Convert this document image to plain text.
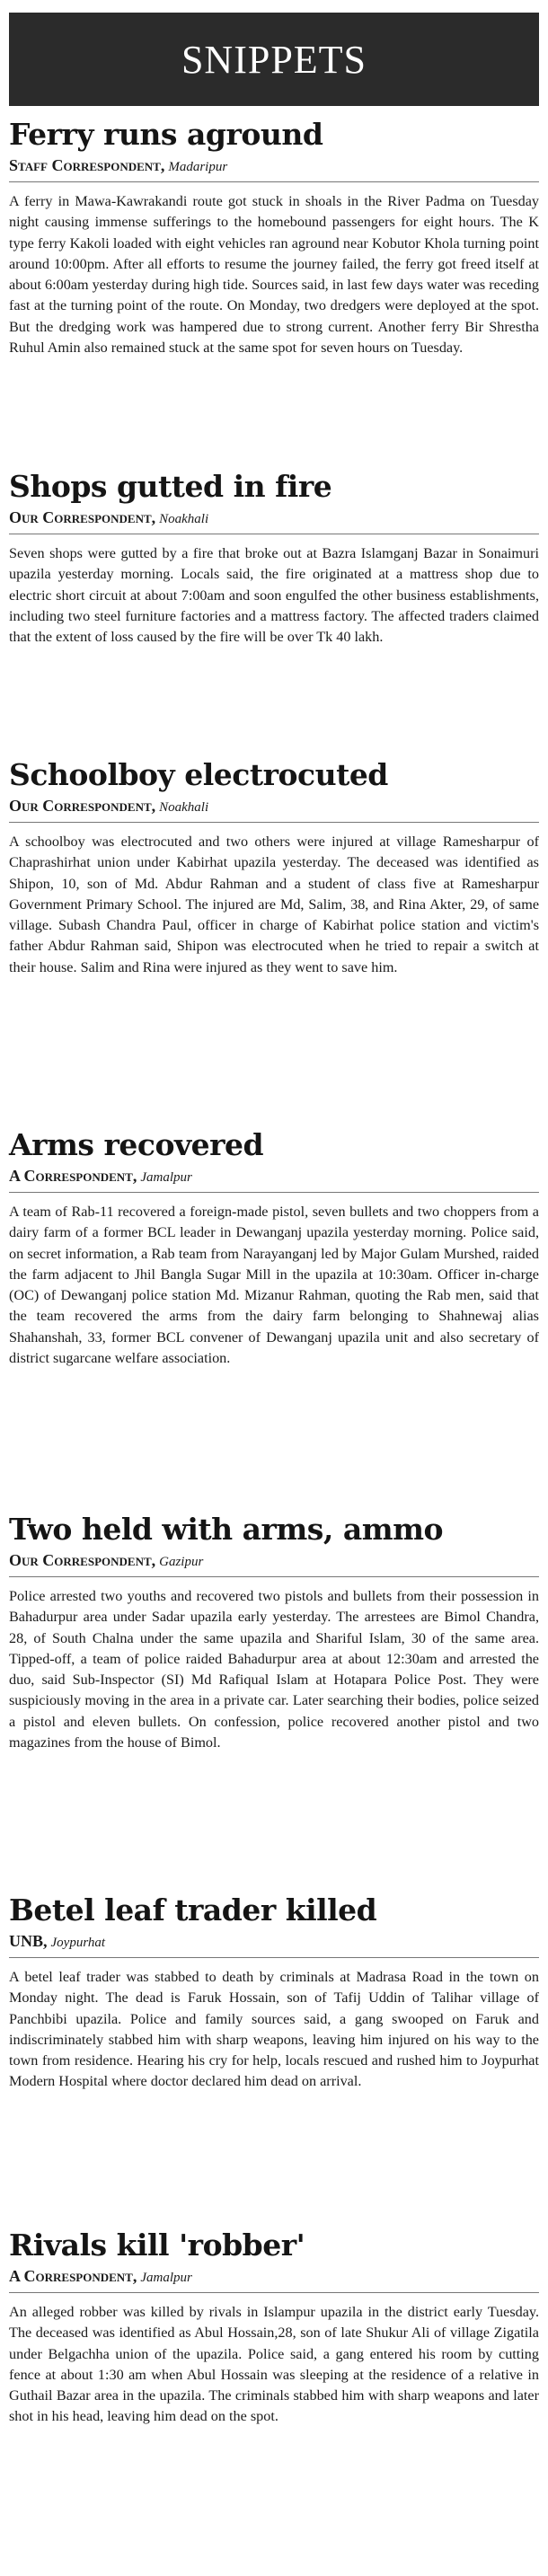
SNIPPETS
Ferry runs aground
Staff Correspondent, Madaripur

A ferry in Mawa-Kawrakandi route got stuck in shoals in the River Padma on Tuesday night causing immense sufferings to the homebound passengers for eight hours. The K type ferry Kakoli loaded with eight vehicles ran aground near Kobutor Khola turning point around 10:00pm. After all efforts to resume the journey failed, the ferry got freed itself at about 6:00am yesterday during high tide. Sources said, in last few days water was receding fast at the turning point of the route. On Monday, two dredgers were deployed at the spot. But the dredging work was hampered due to strong current. Another ferry Bir Shrestha Ruhul Amin also remained stuck at the same spot for seven hours on Tuesday.

Shops gutted in fire
Our Correspondent, Noakhali

Seven shops were gutted by a fire that broke out at Bazra Islamganj Bazar in Sonaimuri upazila yesterday morning. Locals said, the fire originated at a mattress shop due to electric short circuit at about 7:00am and soon engulfed the other business establishments, including two steel furniture factories and a mattress factory. The affected traders claimed that the extent of loss caused by the fire will be over Tk 40 lakh.

Schoolboy electrocuted
Our Correspondent, Noakhali

A schoolboy was electrocuted and two others were injured at village Ramesharpur of Chaprashirhat union under Kabirhat upazila yesterday. The deceased was identified as Shipon, 10, son of Md. Abdur Rahman and a student of class five at Ramesharpur Government Primary School. The injured are Md, Salim, 38, and Rina Akter, 29, of same village. Subash Chandra Paul, officer in charge of Kabirhat police station and victim's father Abdur Rahman said, Shipon was electrocuted when he tried to repair a switch at their house. Salim and Rina were injured as they went to save him.

Arms recovered
A Correspondent, Jamalpur

A team of Rab-11 recovered a foreign-made pistol, seven bullets and two choppers from a dairy farm of a former BCL leader in Dewanganj upazila yesterday morning. Police said, on secret information, a Rab team from Narayanganj led by Major Gulam Murshed, raided the farm adjacent to Jhil Bangla Sugar Mill in the upazila at 10:30am. Officer in-charge (OC) of Dewanganj police station Md. Mizanur Rahman, quoting the Rab men, said that the team recovered the arms from the dairy farm belonging to Shahnewaj alias Shahanshah, 33, former BCL convener of Dewanganj upazila unit and also secretary of district sugarcane welfare association.

Two held with arms, ammo
Our Correspondent, Gazipur

Police arrested two youths and recovered two pistols and bullets from their possession in Bahadurpur area under Sadar upazila early yesterday. The arrestees are Bimol Chandra, 28, of South Chalna under the same upazila and Shariful Islam, 30 of the same area. Tipped-off, a team of police raided Bahadurpur area at about 12:30am and arrested the duo, said Sub-Inspector (SI) Md Rafiqual Islam at Hotapara Police Post. They were suspiciously moving in the area in a private car. Later searching their bodies, police seized a pistol and eleven bullets. On confession, police recovered another pistol and two magazines from the house of Bimol.

Betel leaf trader killed
UNB, Joypurhat

A betel leaf trader was stabbed to death by criminals at Madrasa Road in the town on Monday night. The dead is Faruk Hossain, son of Tafij Uddin of Talihar village of Panchbibi upazila. Police and family sources said, a gang swooped on Faruk and indiscriminately stabbed him with sharp weapons, leaving him injured on his way to the town from residence. Hearing his cry for help, locals rescued and rushed him to Joypurhat Modern Hospital where doctor declared him dead on arrival.

Rivals kill 'robber'
A Correspondent, Jamalpur

An alleged robber was killed by rivals in Islampur upazila in the district early Tuesday. The deceased was identified as Abul Hossain,28, son of late Shukur Ali of village Zigatila under Belgachha union of the upazila. Police said, a gang entered his room by cutting fence at about 1:30 am when Abul Hossain was sleeping at the residence of a relative in Guthail Bazar area in the upazila. The criminals stabbed him with sharp weapons and later shot in his head, leaving him dead on the spot.
